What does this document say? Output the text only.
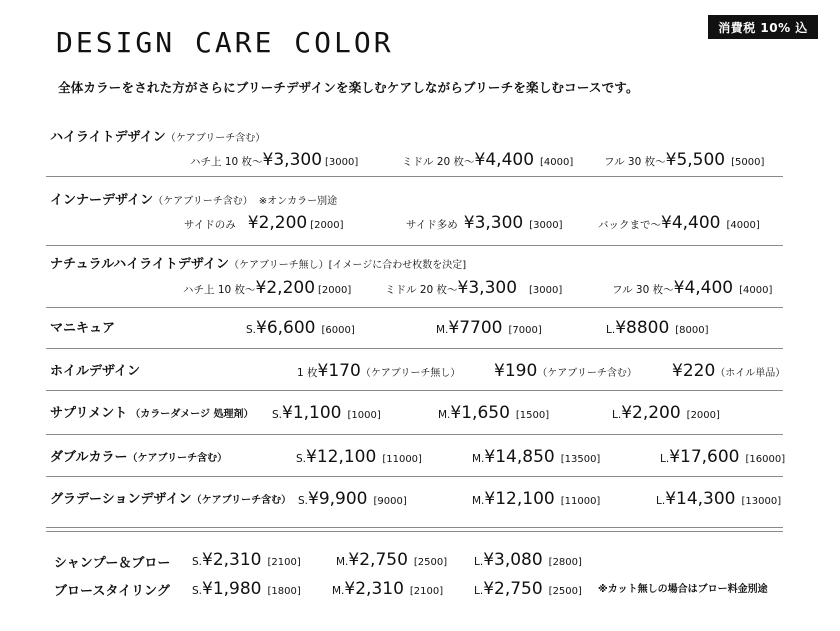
消費税 10% 込
DESIGN CARE COLOR

全体カラーをされた方がさらにブリーチデザインを楽しむケアしながらブリーチを楽しむコースです。

ハイライトデザイン（ケアブリーチ含む）
ハチ上 10 枚〜¥3,300 [3000]	ミドル 20 枚〜¥4,400 [4000]	フル 30 枚〜¥5,500 [5000]
インナーデザイン（ケアブリーチ含む） ※オンカラー別途
サイドのみ ¥2,200 [2000]	サイド多め ¥3,300 [3000]	バックまで〜¥4,400 [4000]
ナチュラルハイライトデザイン（ケアブリーチ無し）[イメージに合わせ枚数を決定]
ハチ上 10 枚〜¥2,200 [2000]	ミドル 20 枚〜¥3,300 [3000]	フル 30 枚〜¥4,400 [4000]
マニキュア	S.¥6,600 [6000]	M.¥7700 [7000]	L.¥8800 [8000]
ホイルデザイン	1 枚¥170（ケアブリーチ無し） ¥190（ケアブリーチ含む） ¥220（ホイル単品）
サプリメント （カラーダメージ 処理剤） S.¥1,100 [1000]	M.¥1,650 [1500]	L.¥2,200 [2000]
ダブルカラー（ケアブリーチ含む）	S.¥12,100 [11000]	M.¥14,850 [13500]	L.¥17,600 [16000]
グラデーションデザイン（ケアブリーチ含む） S.¥9,900 [9000]	M.¥12,100 [11000]	L.¥14,300 [13000]
シャンプー＆ブロー S.¥2,310 [2100]	M.¥2,750 [2500]	L.¥3,080 [2800]
ブロースタイリング S.¥1,980 [1800]	M.¥2,310 [2100]	L.¥2,750 [2500] ※カット無しの場合はブロー料金別途
